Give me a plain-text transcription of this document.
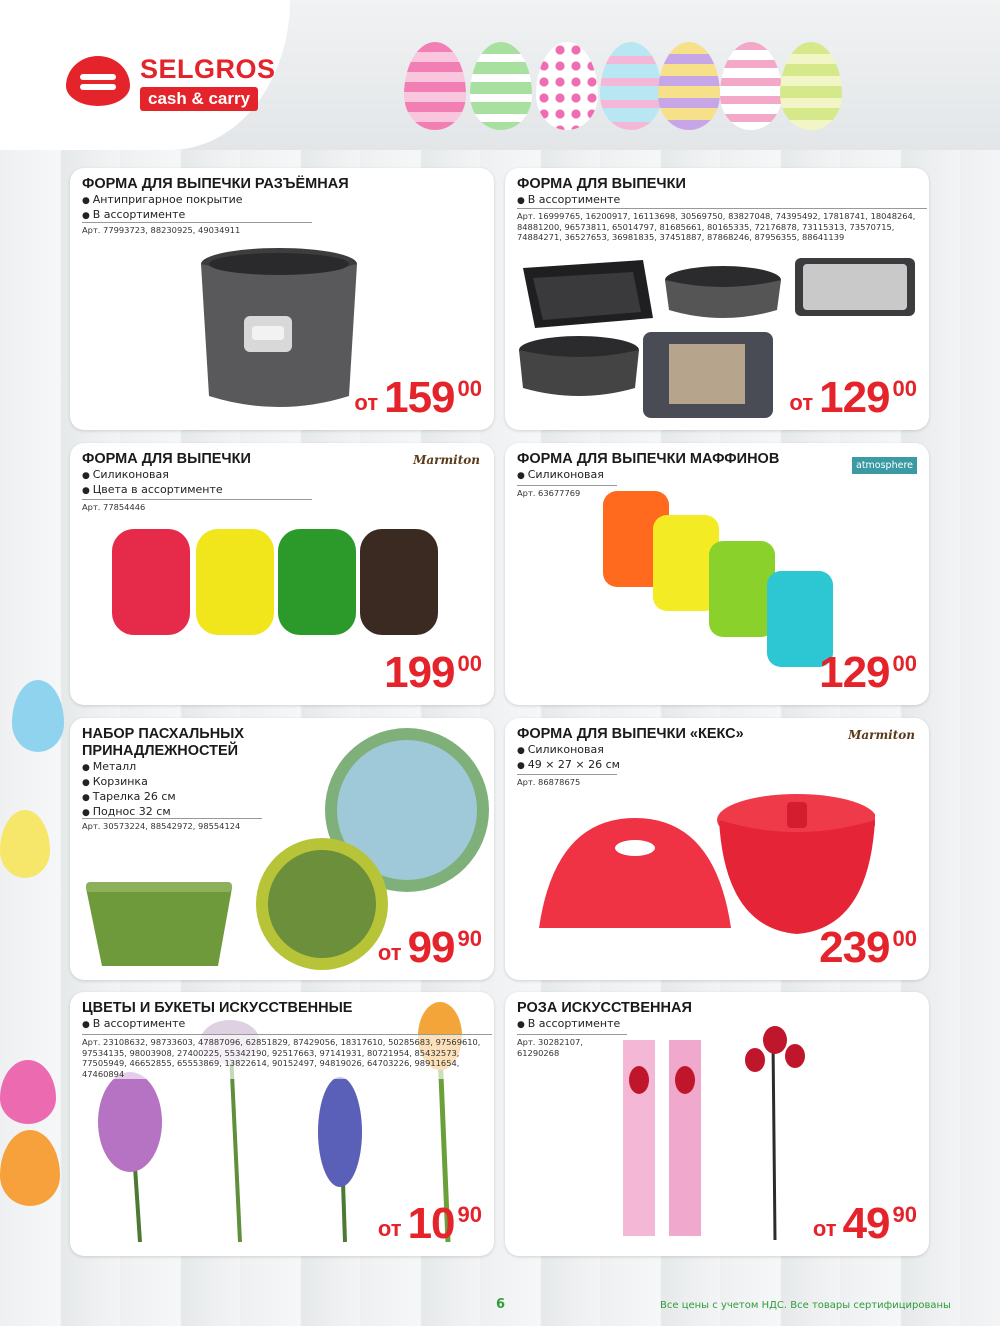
SELGROS
cash & carry
ФОРМА ДЛЯ ВЫПЕЧКИ РАЗЪЁМНАЯ
● Антипригарное покрытие
● В ассортименте
Арт. 77993723, 88230925, 49034911
от 159 00
ФОРМА ДЛЯ ВЫПЕЧКИ
● В ассортименте
Арт. 16999765, 16200917, 16113698, 30569750, 83827048, 74395492, 17818741, 18048264, 84881200, 96573811, 65014797, 81685661, 80165335, 72176878, 73115313, 73570715, 74884271, 36527653, 36981835, 37451887, 87868246, 87956355, 88641139
от 129 00
ФОРМА ДЛЯ ВЫПЕЧКИ	Marmiton
● Силиконовая
● Цвета в ассортименте
Арт. 77854446
199 00
ФОРМА ДЛЯ ВЫПЕЧКИ МАФФИНОВ	atmosphere
● Силиконовая
Арт. 63677769
129 00
НАБОР ПАСХАЛЬНЫХ ПРИНАДЛЕЖНОСТЕЙ
● Металл
● Корзинка
● Тарелка 26 см
● Поднос 32 см
Арт. 30573224, 88542972, 98554124
от 99 90
ФОРМА ДЛЯ ВЫПЕЧКИ «КЕКС»	Marmiton
● Силиконовая
● 49 × 27 × 26 см
Арт. 86878675
239 00
ЦВЕТЫ И БУКЕТЫ ИСКУССТВЕННЫЕ
● В ассортименте
Арт. 23108632, 98733603, 47887096, 62851829, 87429056, 18317610, 50285683, 97569610, 97534135, 98003908, 27400225, 55342190, 92517663, 97141931, 80721954, 85432573, 77505949, 46652855, 65553869, 13822614, 90152497, 94819026, 64703226, 98911654, 47460894
от 10 90
РОЗА ИСКУССТВЕННАЯ
● В ассортименте
Арт. 30282107, 61290268
от 49 90
6	Все цены с учетом НДС. Все товары сертифицированы
